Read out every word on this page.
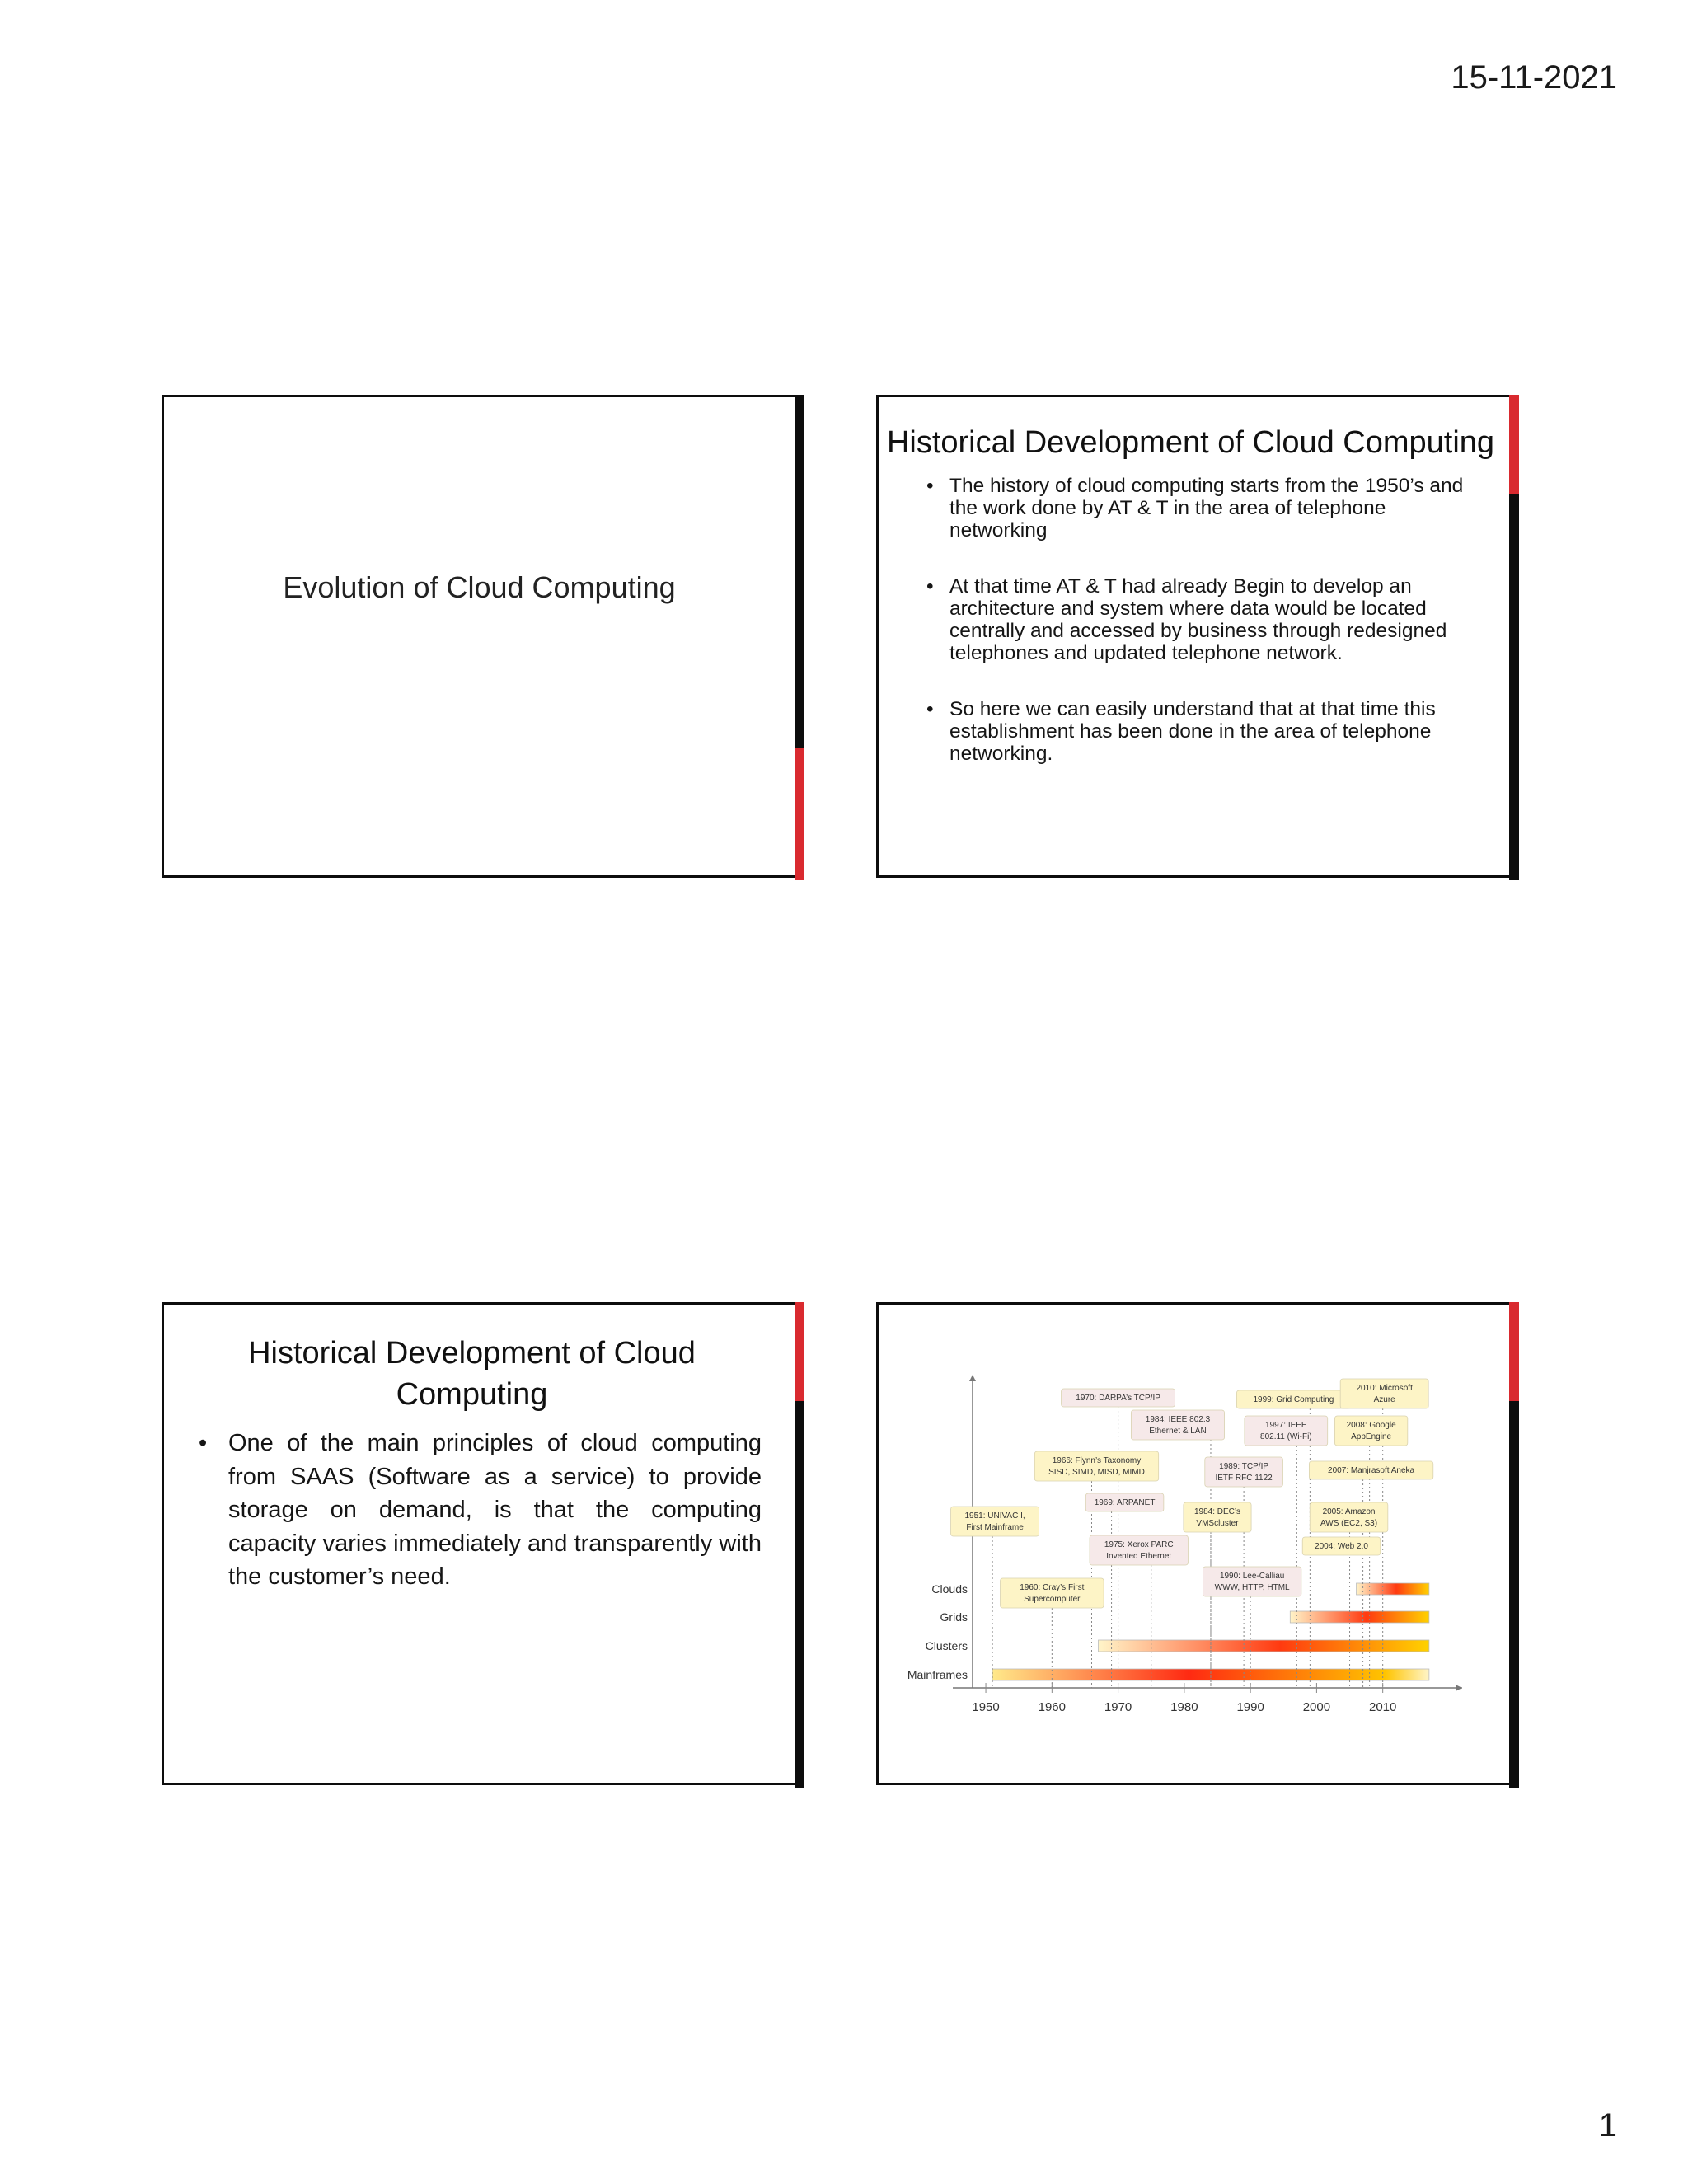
15-11-2021
Evolution of Cloud Computing
Historical Development of Cloud Computing
• The history of cloud computing starts from the 1950’s and the work done by AT & T in the area of telephone networking
• At that time AT & T had already Begin to develop an architecture and system where data would be located centrally and accessed by business through redesigned telephones and updated telephone network.
• So here we can easily understand that at that time this establishment has been done in the area of telephone networking.
Historical Development of Cloud Computing
• One of the main principles of cloud computing from SAAS (Software as a service) to provide storage on demand, is that the computing capacity varies immediately and transparently with the customer’s need.
1951: UNIVAC I,
First Mainframe
1960: Cray’s First
Supercomputer
1966: Flynn’s Taxonomy
SISD, SIMD, MISD, MIMD
1969: ARPANET
1970: DARPA’s TCP/IP
1975: Xerox PARC
Invented Ethernet
1984: IEEE 802.3
Ethernet & LAN
1984: DEC’s
VMScluster
1989: TCP/IP
IETF RFC 1122
1990: Lee-Calliau
WWW, HTTP, HTML
1997: IEEE
802.11 (Wi-Fi)
1999: Grid Computing
2004: Web 2.0
2005: Amazon
AWS (EC2, S3)
2007: Manjrasoft Aneka
2008: Google
AppEngine
2010: Microsoft
Azure
Clouds
Grids
Clusters
Mainframes
1950	1960	1970	1980	1990	2000	2010
1
